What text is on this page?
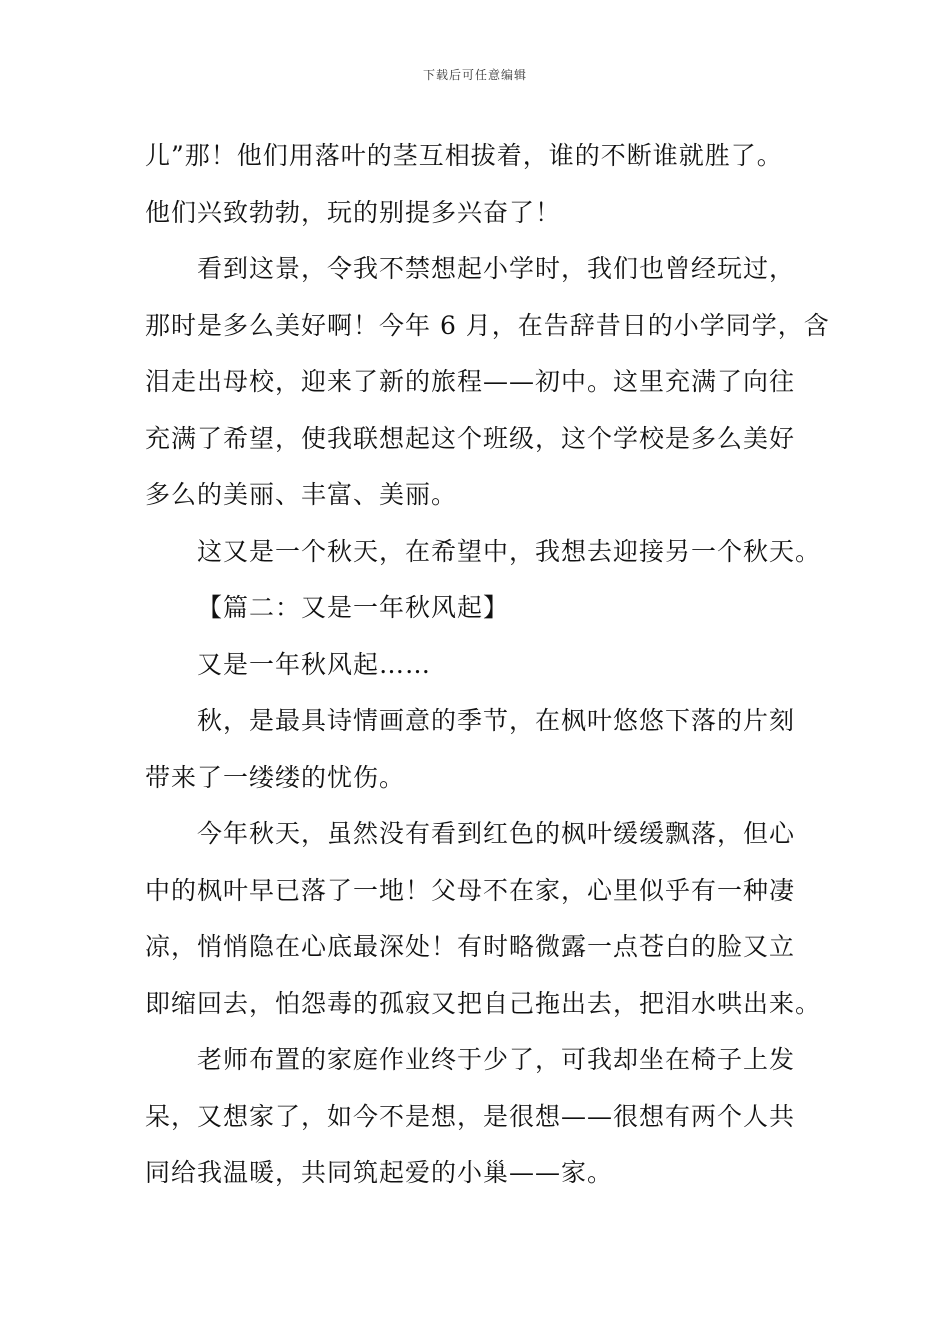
下载后可任意编辑
儿”那！他们用落叶的茎互相拔着，谁的不断谁就胜了。
他们兴致勃勃，玩的别提多兴奋了！
看到这景，令我不禁想起小学时，我们也曾经玩过，
那时是多么美好啊！今年 6 月，在告辞昔日的小学同学，含
泪走出母校，迎来了新的旅程——初中。这里充满了向往
充满了希望，使我联想起这个班级，这个学校是多么美好
多么的美丽、丰富、美丽。
这又是一个秋天，在希望中，我想去迎接另一个秋天。
【篇二：又是一年秋风起】
又是一年秋风起……
秋，是最具诗情画意的季节，在枫叶悠悠下落的片刻
带来了一缕缕的忧伤。
今年秋天，虽然没有看到红色的枫叶缓缓飘落，但心
中的枫叶早已落了一地！父母不在家，心里似乎有一种凄
凉，悄悄隐在心底最深处！有时略微露一点苍白的脸又立
即缩回去，怕怨毒的孤寂又把自己拖出去，把泪水哄出来。
老师布置的家庭作业终于少了，可我却坐在椅子上发
呆，又想家了，如今不是想，是很想——很想有两个人共
同给我温暖，共同筑起爱的小巢——家。
